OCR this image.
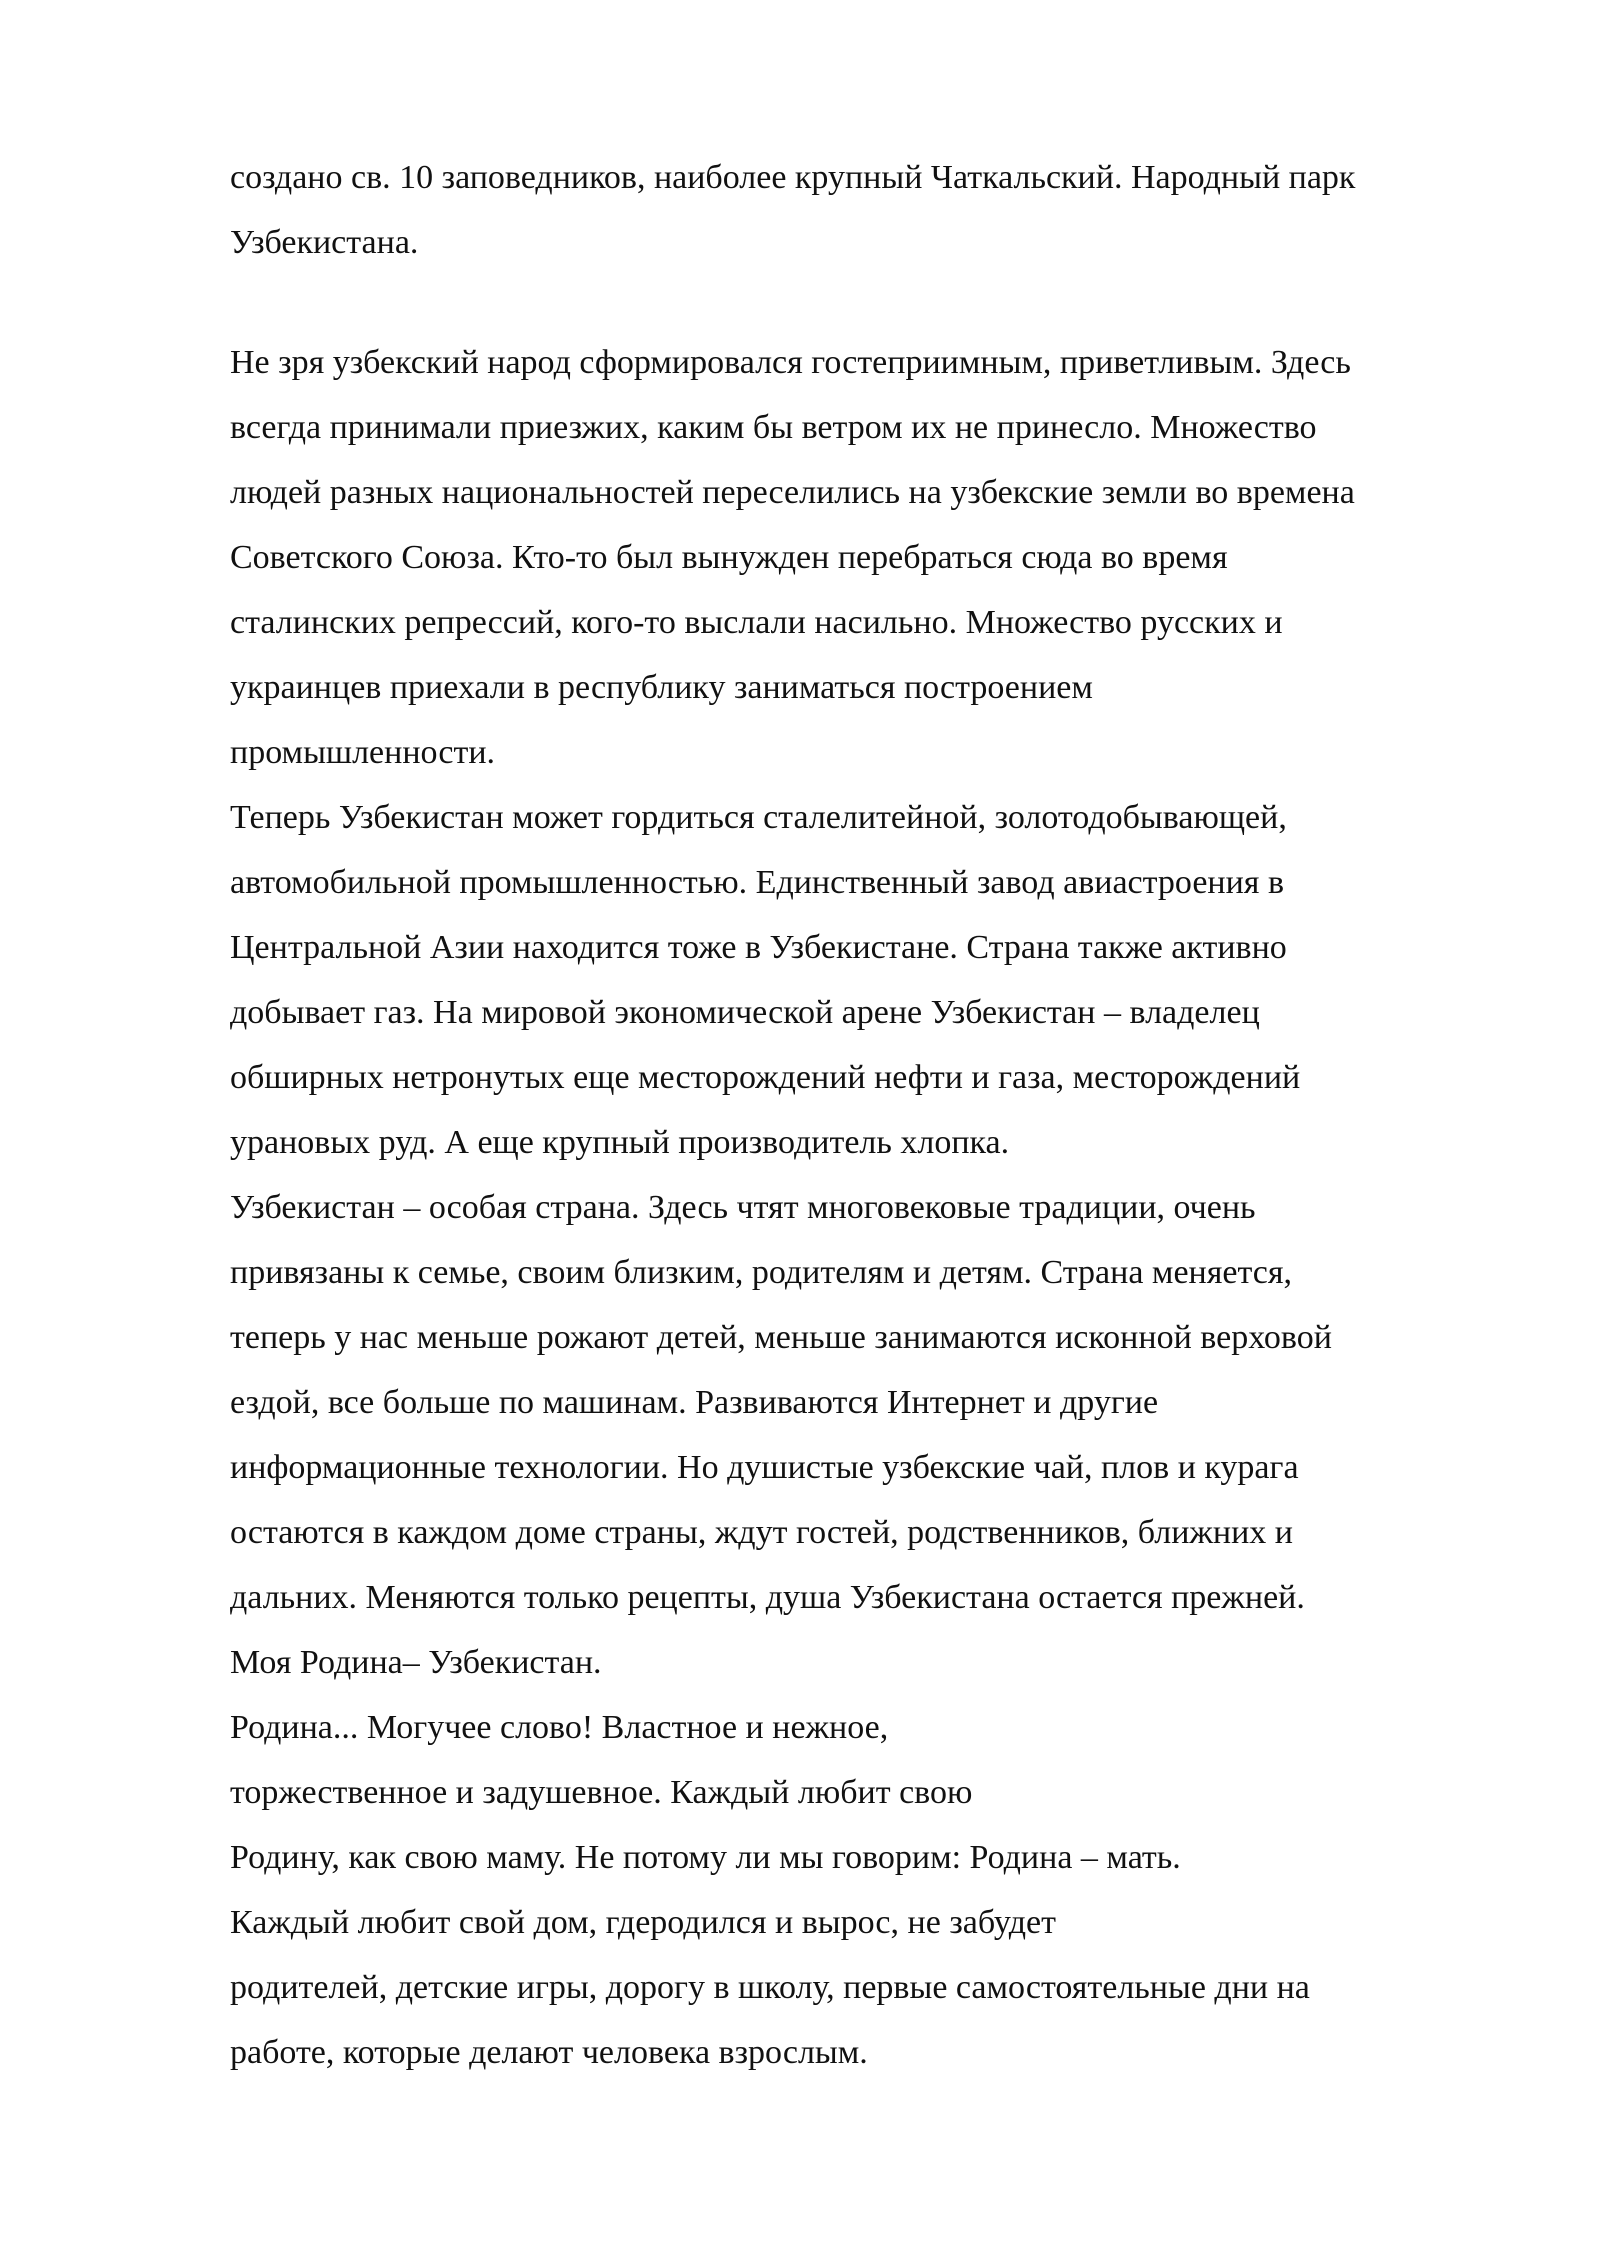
создано св. 10 заповедников, наиболее крупный Чаткальский. Народный парк
Узбекистана.
Не зря узбекский народ сформировался гостеприимным, приветливым. Здесь
всегда принимали приезжих, каким бы ветром их не принесло. Множество
людей разных национальностей переселились на узбекские земли во времена
Советского Союза. Кто-то был вынужден перебраться сюда во время
сталинских репрессий, кого-то выслали насильно. Множество русских и
украинцев приехали в республику заниматься построением
промышленности.
Теперь Узбекистан может гордиться сталелитейной, золотодобывающей,
автомобильной промышленностью. Единственный завод авиастроения в
Центральной Азии находится тоже в Узбекистане. Страна также активно
добывает газ. На мировой экономической арене Узбекистан – владелец
обширных нетронутых еще месторождений нефти и газа, месторождений
урановых руд. А еще крупный производитель хлопка.
Узбекистан – особая страна. Здесь чтят многовековые традиции, очень
привязаны к семье, своим близким, родителям и детям. Страна меняется,
теперь у нас меньше рожают детей, меньше занимаются исконной верховой
ездой, все больше по машинам. Развиваются Интернет и другие
информационные технологии. Но душистые узбекские чай, плов и курага
остаются в каждом доме страны, ждут гостей, родственников, ближних и
дальних. Меняются только рецепты, душа Узбекистана остается прежней.
Моя Родина– Узбекистан.
Родина... Могучее слово! Властное и нежное,
торжественное и задушевное. Каждый любит свою
Родину, как свою маму. Не потому ли мы говорим: Родина – мать.
Каждый любит свой дом, гдеродился и вырос, не забудет
родителей, детские игры, дорогу в школу, первые самостоятельные дни на
работе, которые делают человека взрослым.
